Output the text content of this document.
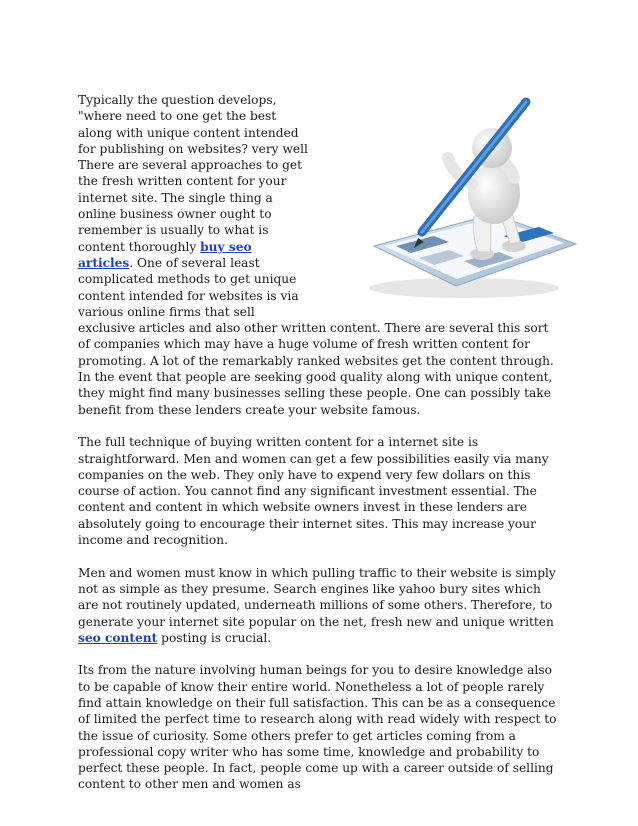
Typically the question develops, "where need to one get the best along with unique content intended for publishing on websites? very well There are several approaches to get the fresh written content for your internet site. The single thing a online business owner ought to remember is usually to what is content thoroughly buy seo articles. One of several least complicated methods to get unique content intended for websites is via various online firms that sell exclusive articles and also other written content. There are several this sort of companies which may have a huge volume of fresh written content for promoting. A lot of the remarkably ranked websites get the content through. In the event that people are seeking good quality along with unique content, they might find many businesses selling these people. One can possibly take benefit from these lenders create your website famous.

The full technique of buying written content for a internet site is straightforward. Men and women can get a few possibilities easily via many companies on the web. They only have to expend very few dollars on this course of action. You cannot find any significant investment essential. The content and content in which website owners invest in these lenders are absolutely going to encourage their internet sites. This may increase your income and recognition.

Men and women must know in which pulling traffic to their website is simply not as simple as they presume. Search engines like yahoo bury sites which are not routinely updated, underneath millions of some others. Therefore, to generate your internet site popular on the net, fresh new and unique written seo content posting is crucial.

Its from the nature involving human beings for you to desire knowledge also to be capable of know their entire world. Nonetheless a lot of people rarely find attain knowledge on their full satisfaction. This can be as a consequence of limited the perfect time to research along with read widely with respect to the issue of curiosity. Some others prefer to get articles coming from a professional copy writer who has some time, knowledge and probability to perfect these people. In fact, people come up with a career outside of selling content to other men and women as
